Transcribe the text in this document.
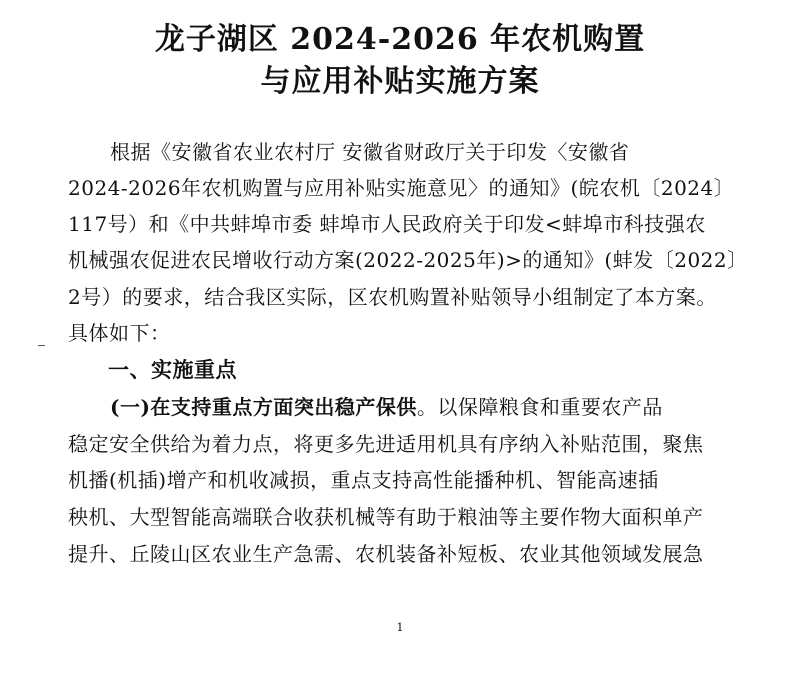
龙子湖区 2024-2026 年农机购置
与应用补贴实施方案
根据《安徽省农业农村厅 安徽省财政厅关于印发〈安徽省
2024-2026年农机购置与应用补贴实施意见〉的通知》(皖农机〔2024〕
117号）和《中共蚌埠市委 蚌埠市人民政府关于印发<蚌埠市科技强农
机械强农促进农民增收行动方案(2022-2025年)>的通知》(蚌发〔2022〕
2号）的要求，结合我区实际，区农机购置补贴领导小组制定了本方案。
具体如下：
一、实施重点
(一)在支持重点方面突出稳产保供。以保障粮食和重要农产品
稳定安全供给为着力点，将更多先进适用机具有序纳入补贴范围，聚焦
机播(机插)增产和机收减损，重点支持高性能播种机、智能高速插
秧机、大型智能高端联合收获机械等有助于粮油等主要作物大面积单产
提升、丘陵山区农业生产急需、农机装备补短板、农业其他领域发展急
1
